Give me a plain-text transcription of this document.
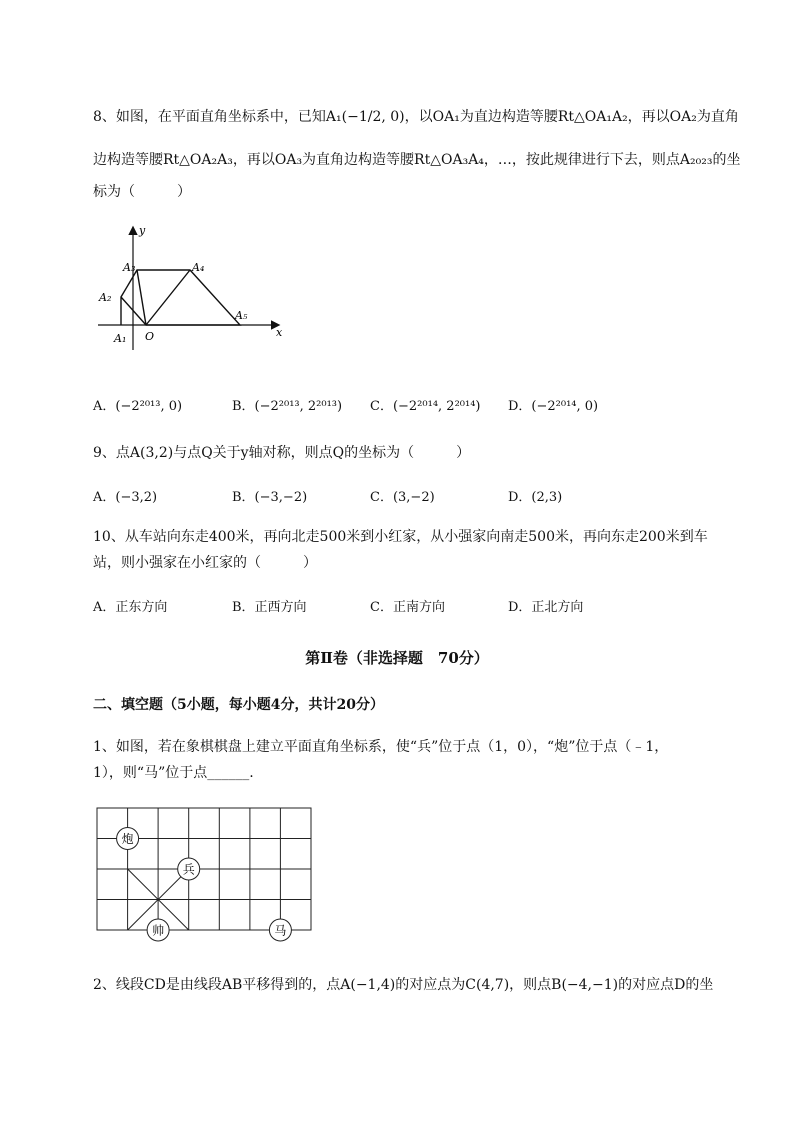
8、如图，在平面直角坐标系中，已知A₁(−1/2, 0)，以OA₁为直边构造等腰Rt△OA₁A₂，再以OA₂为直角
边构造等腰Rt△OA₂A₃，再以OA₃为直角边构造等腰Rt△OA₃A₄，…，按此规律进行下去，则点A₂₀₂₃的坐
标为（　　　）
x
y
O
A₁
A₂
A₃	A₄
A₅
A．(−2²⁰¹³, 0)	B．(−2²⁰¹³, 2²⁰¹³) C．(−2²⁰¹⁴, 2²⁰¹⁴) D．(−2²⁰¹⁴, 0)
9、点A(3,2)与点Q关于y轴对称，则点Q的坐标为（　　　）
A．(−3,2)	B．(−3,−2)	C．(3,−2)	D．(2,3)
10、从车站向东走400米，再向北走500米到小红家，从小强家向南走500米，再向东走200米到车
站，则小强家在小红家的（　　　）
A．正东方向	B．正西方向	C．正南方向	D．正北方向
第Ⅱ卷（非选择题　70分）
二、填空题（5小题，每小题4分，共计20分）
1、如图，若在象棋棋盘上建立平面直角坐标系，使“兵”位于点（1，0），“炮”位于点（﹣1，
1），则“马”位于点______.
炮
兵
帅	马
2、线段CD是由线段AB平移得到的，点A(−1,4)的对应点为C(4,7)，则点B(−4,−1)的对应点D的坐
